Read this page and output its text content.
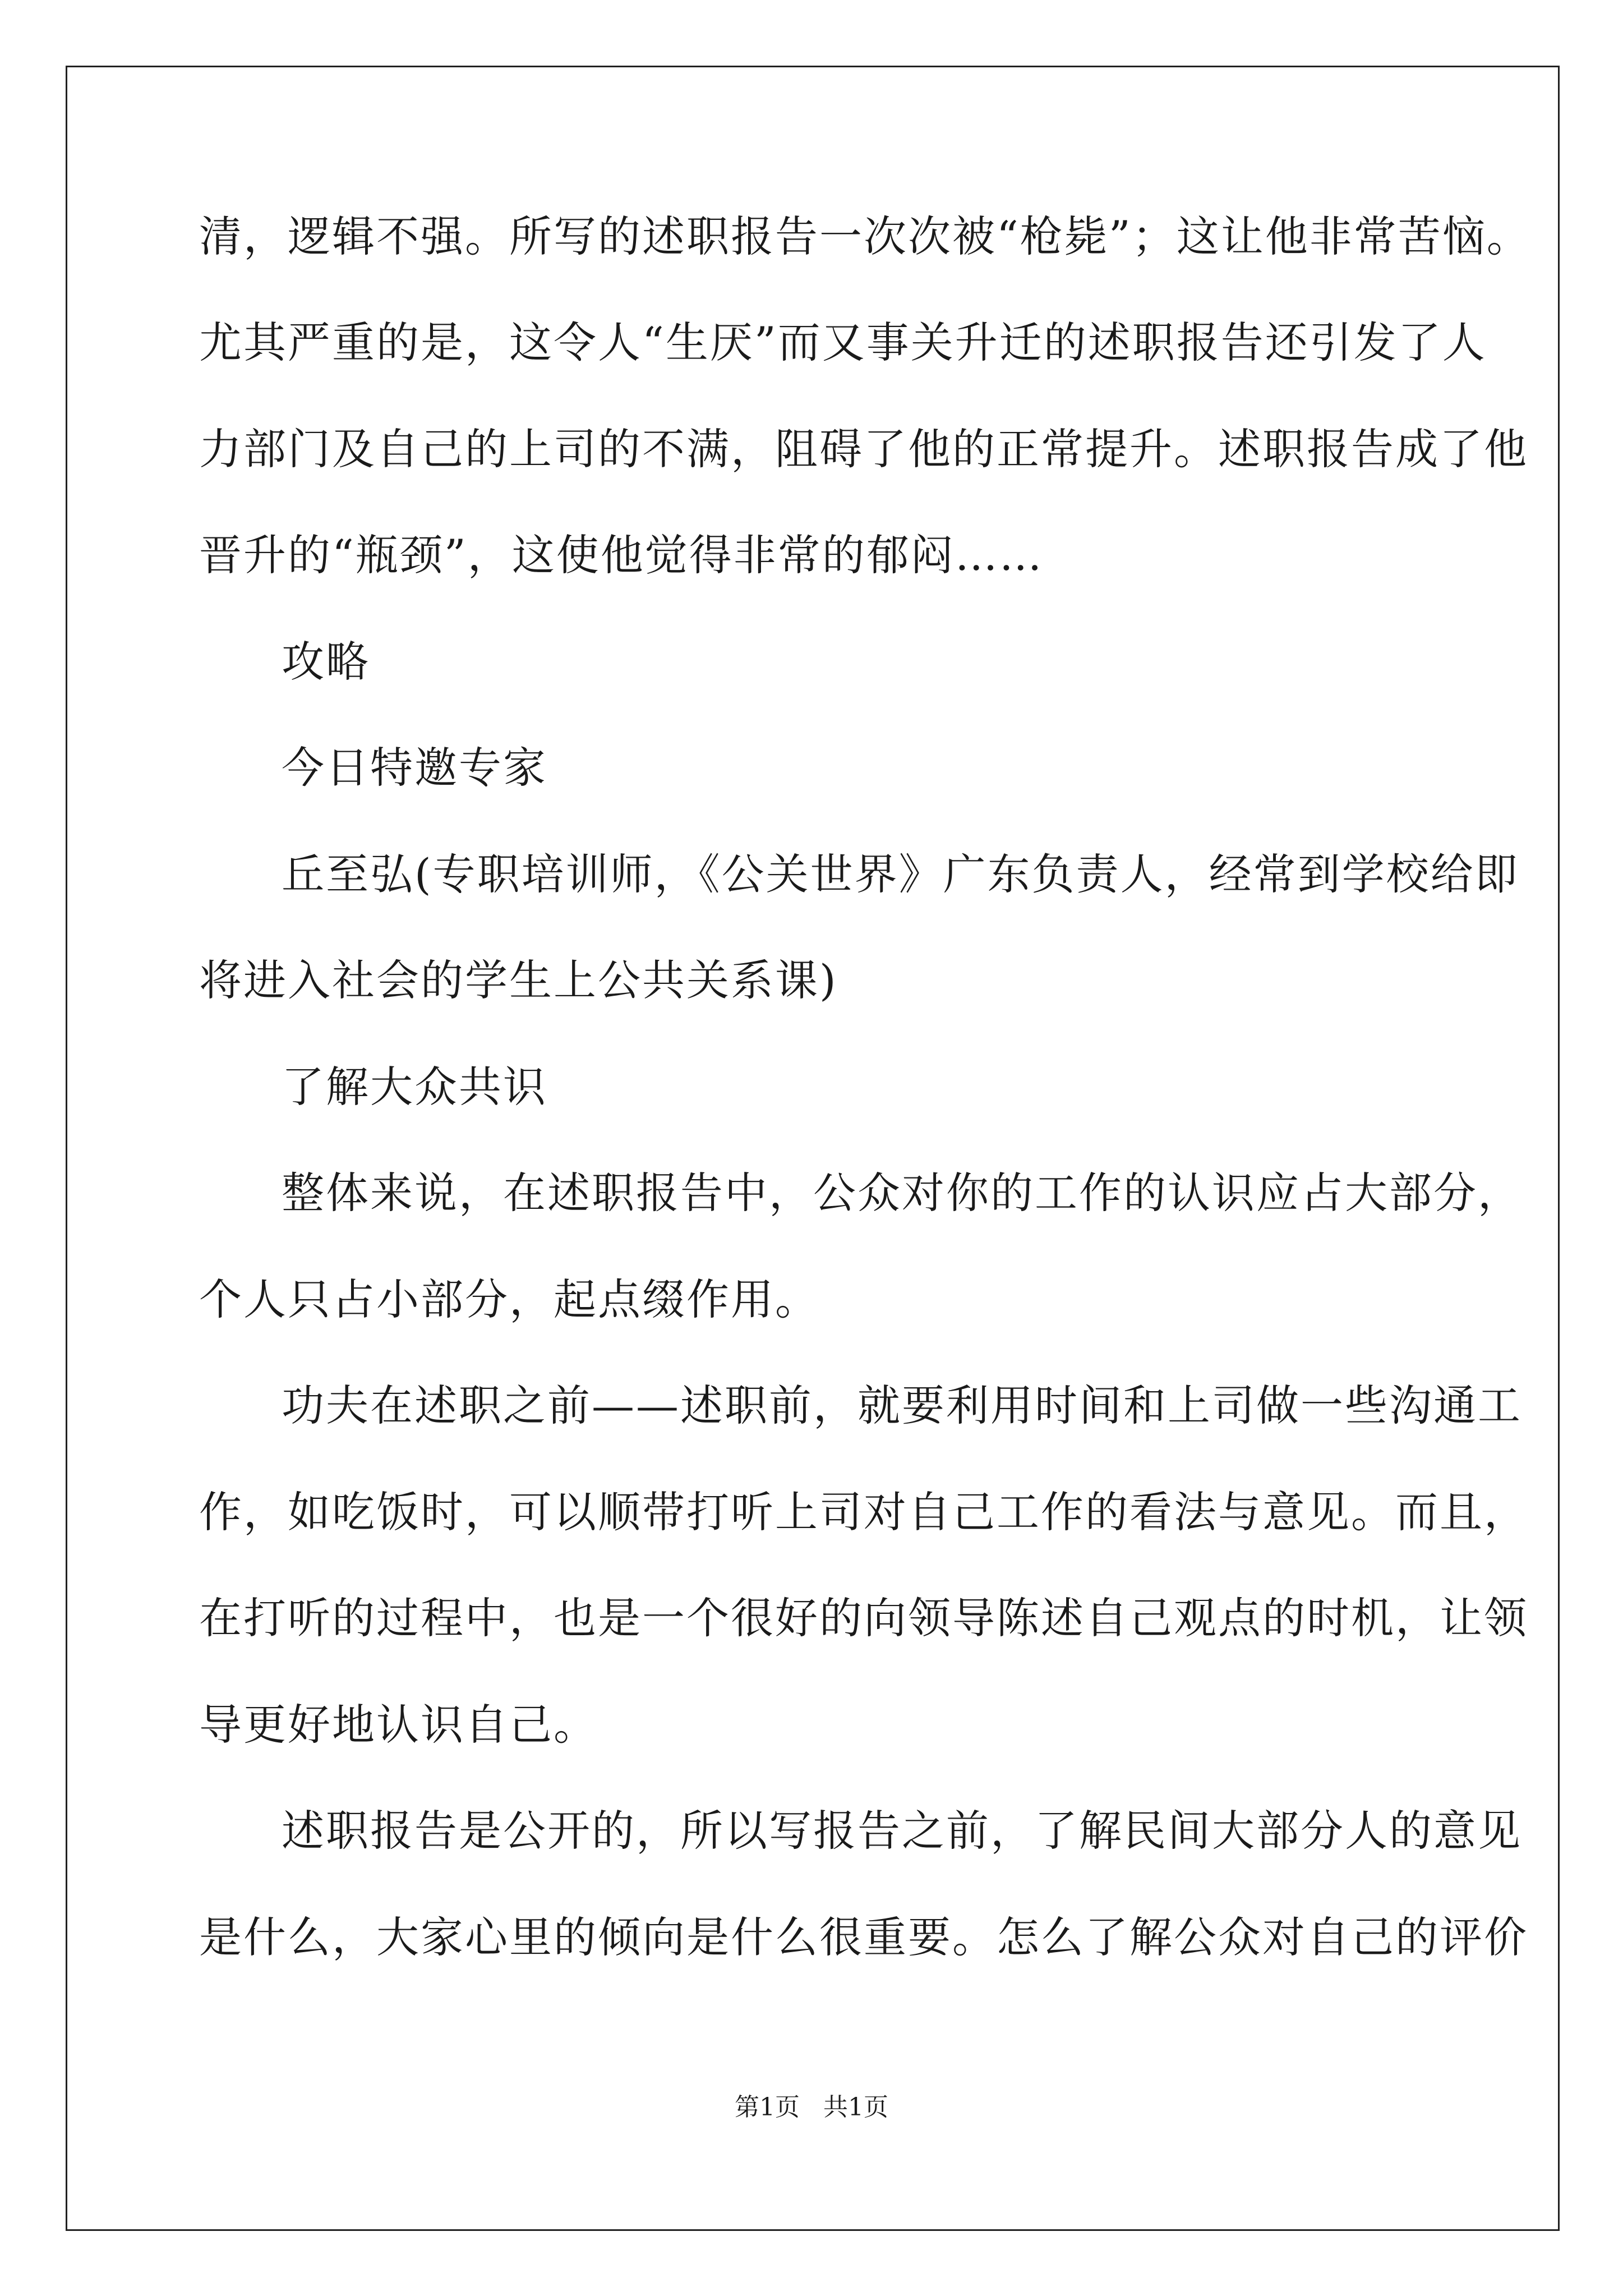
清，逻辑不强。所写的述职报告一次次被“枪毙”；这让他非常苦恼。
尤其严重的是，这令人“生厌”而又事关升迁的述职报告还引发了人
力部门及自己的上司的不满，阻碍了他的正常提升。述职报告成了他
晋升的“瓶颈”，这使他觉得非常的郁闷……
攻略
今日特邀专家
丘至弘(专职培训师，《公关世界》广东负责人，经常到学校给即
将进入社会的学生上公共关系课)
了解大众共识
整体来说，在述职报告中，公众对你的工作的认识应占大部分，
个人只占小部分，起点缀作用。
功夫在述职之前——述职前，就要利用时间和上司做一些沟通工
作，如吃饭时，可以顺带打听上司对自己工作的看法与意见。而且，
在打听的过程中，也是一个很好的向领导陈述自己观点的时机，让领
导更好地认识自己。
述职报告是公开的，所以写报告之前，了解民间大部分人的意见
是什么，大家心里的倾向是什么很重要。怎么了解公众对自己的评价
第1页   共1页
